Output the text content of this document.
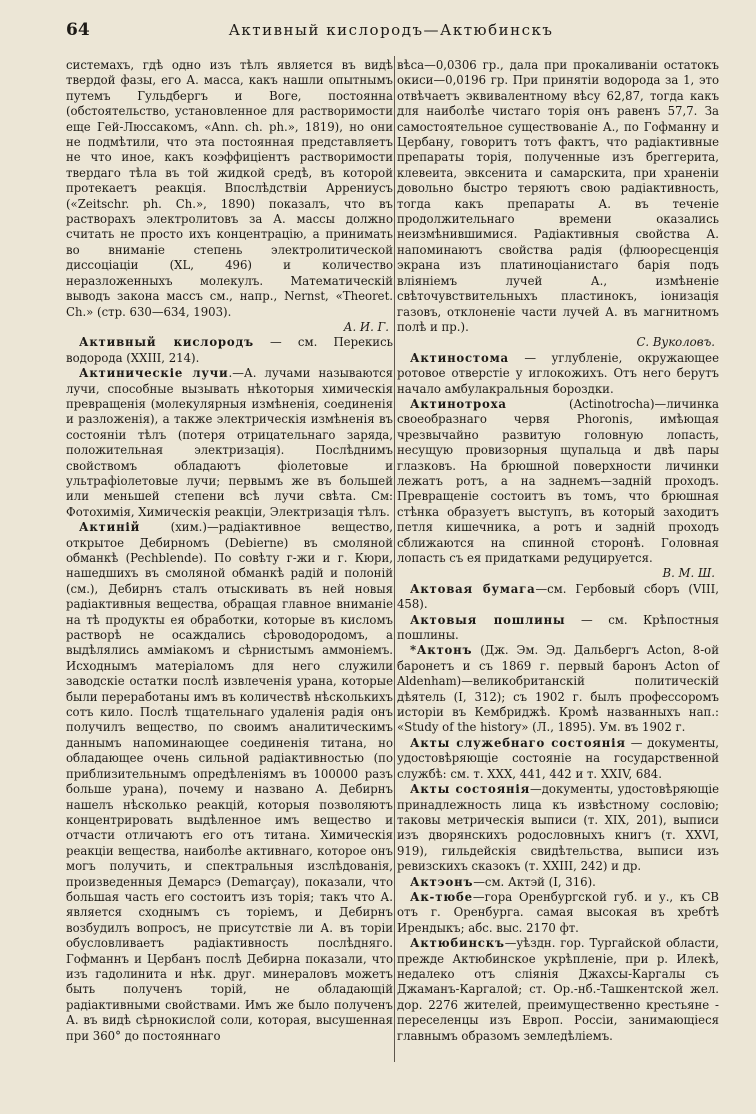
64	Активный кислородъ—Актюбинскъ

системахъ, гдѣ одно изъ тѣлъ является въ видѣ твердой фазы, его А. масса, какъ нашли опытнымъ путемъ Гульдбергъ и Воге, постоянна (обстоятельство, установленное для растворимости еще Гей-Люссакомъ, «Ann. ch. ph.», 1819), но они не подмѣтили, что эта постоянная представляетъ не что иное, какъ коэффиціентъ растворимости твердаго тѣла въ той жидкой средѣ, въ которой протекаетъ реакція. Впослѣдствіи Аррениусъ («Zeitschr. ph. Ch.», 1890) показалъ, что въ растворахъ электролитовъ за А. массы должно считать не просто ихъ концентрацію, а принимать во вниманіе степень электролитической диссоціаціи (XL, 496) и количество неразложенныхъ молекулъ. Математическій выводъ закона массъ см., напр., Nernst, «Theoret. Ch.» (стр. 630—634, 1903).

А. И. Г.

Активный кислородъ — см. Перекись водорода (XXIII, 214).

Актиническіе лучи.—А. лучами называются лучи, способные вызывать нѣкоторыя химическія превращенія (молекулярныя измѣненія, соединенія и разложенія), а также электрическія измѣненія въ состояніи тѣлъ (потеря отрицательнаго заряда, положительная электризація). Послѣднимъ свойствомъ обладаютъ фіолетовые и ультрафіолетовые лучи; первымъ же въ большей или меньшей степени всѣ лучи свѣта. См: Фотохимія, Химическія реакціи, Электризація тѣлъ.

Актиній (хим.)—радіактивное вещество, открытое Дебирномъ (Debierne) въ смоляной обманкѣ (Pechblende). По совѣту г-жи и г. Кюри, нашедшихъ въ смоляной обманкѣ радій и полоній (см.), Дебирнъ сталъ отыскивать въ ней новыя радіактивныя вещества, обращая главное вниманіе на тѣ продукты ея обработки, которые въ кисломъ растворѣ не осаждались сѣроводородомъ, а выдѣлялись амміакомъ и сѣрнистымъ аммоніемъ. Исходнымъ матеріаломъ для него служили заводскіе остатки послѣ извлеченія урана, которые были переработаны имъ въ количествѣ нѣсколькихъ сотъ кило. Послѣ тщательнаго удаленія радія онъ получилъ вещество, по своимъ аналитическимъ даннымъ напоминающее соединенія титана, но обладающее очень сильной радіактивностью (по приблизительнымъ опредѣленіямъ въ 100000 разъ больше урана), почему и названо А. Дебирнъ нашелъ нѣсколько реакцій, которыя позволяютъ концентрировать выдѣленное имъ вещество и отчасти отличаютъ его отъ титана. Химическія реакціи вещества, наиболѣе активнаго, которое онъ могъ получить, и спектральныя изслѣдованія, произведенныя Демарсэ (Demarçay), показали, что большая часть его состоитъ изъ торія; такъ что А. является сходнымъ съ торіемъ, и Дебирнъ возбудилъ вопросъ, не присутствіе ли А. въ торіи обусловливаетъ радіактивность послѣдняго. Гофманнъ и Цербанъ послѣ Дебирна показали, что изъ гадолинита и нѣк. друг. минераловъ можетъ быть полученъ торій, не обладающій радіактивными свойствами. Имъ же было полученъ А. въ видѣ сѣрнокислой соли, которая, высушенная при 360° до постояннаго

вѣса—0,0306 гр., дала при прокаливаніи остатокъ окиси—0,0196 гр. При принятіи водорода за 1, это отвѣчаетъ эквивалентному вѣсу 62,87, тогда какъ для наиболѣе чистаго торія онъ равенъ 57,7. За самостоятельное существованіе А., по Гофманну и Цербану, говоритъ тотъ фактъ, что радіактивные препараты торія, полученные изъ бреггерита, клевеита, эвксенита и самарскита, при храненіи довольно быстро теряютъ свою радіактивность, тогда какъ препараты А. въ теченіе продолжительнаго времени оказались неизмѣнившимися. Радіактивныя свойства А. напоминаютъ свойства радія (флюоресценція экрана изъ платиноціанистаго барія подъ вліяніемъ лучей А., измѣненіе свѣточувствительныхъ пластинокъ, іонизація газовъ, отклоненіе части лучей А. въ магнитномъ полѣ и пр.).

С. Вуколовъ.

Актиностома — углубленіе, окружающее ротовое отверстіе у иглокожихъ. Отъ него берутъ начало амбулакральныя бороздки.

Актинотроха (Actinotrocha)—личинка своеобразнаго червя Phoronis, имѣющая чрезвычайно развитую головную лопасть, несущую провизорныя щупальца и двѣ пары глазковъ. На брюшной поверхности личинки лежатъ ротъ, а на заднемъ—задній проходъ. Превращеніе состоитъ въ томъ, что брюшная стѣнка образуетъ выступъ, въ который заходитъ петля кишечника, а ротъ и задній проходъ сближаются на спинной сторонѣ. Головная лопасть съ ея придатками редуцируется.

В. М. Ш.

Актовая бумага—см. Гербовый сборъ (VIII, 458).

Актовыя пошлины — см. Крѣпостныя пошлины.

*Актонъ (Дж. Эм. Эд. Дальбергъ Acton, 8-ой баронетъ и съ 1869 г. первый баронъ Acton of Aldenham)—великобританскій политическій дѣятель (I, 312); съ 1902 г. былъ профессоромъ исторіи въ Кембриджѣ. Кромѣ названныхъ нап.: «Study of the history» (Л., 1895). Ум. въ 1902 г.

Акты служебнаго состоянія — документы, удостовѣряющіе состояніе на государственной службѣ: см. т. XXX, 441, 442 и т. XXIV, 684.

Акты состоянія—документы, удостовѣряющіе принадлежность лица къ извѣстному сословію; таковы метрическія выписи (т. XIX, 201), выписи изъ дворянскихъ родословныхъ книгъ (т. XXVI, 919), гильдейскія свидѣтельства, выписи изъ ревизскихъ сказокъ (т. XXIII, 242) и др.

Актэонъ—см. Актэй (I, 316).

Ак-тюбе—гора Оренбургской губ. и у., къ СВ отъ г. Оренбурга. самая высокая въ хребтѣ Ирендыкъ; абс. выс. 2170 фт.

Актюбинскъ—уѣздн. гор. Тургайской области, прежде Актюбинское укрѣпленіе, при р. Илекѣ, недалеко отъ слiянія Джахсы-Каргалы съ Джаманъ-Каргалой; ст. Ор.-нб.-Ташкентской жел. дор. 2276 жителей, преимущественно крестьяне - переселенцы изъ Европ. Россіи, занимающіеся главнымъ образомъ земледѣліемъ.
